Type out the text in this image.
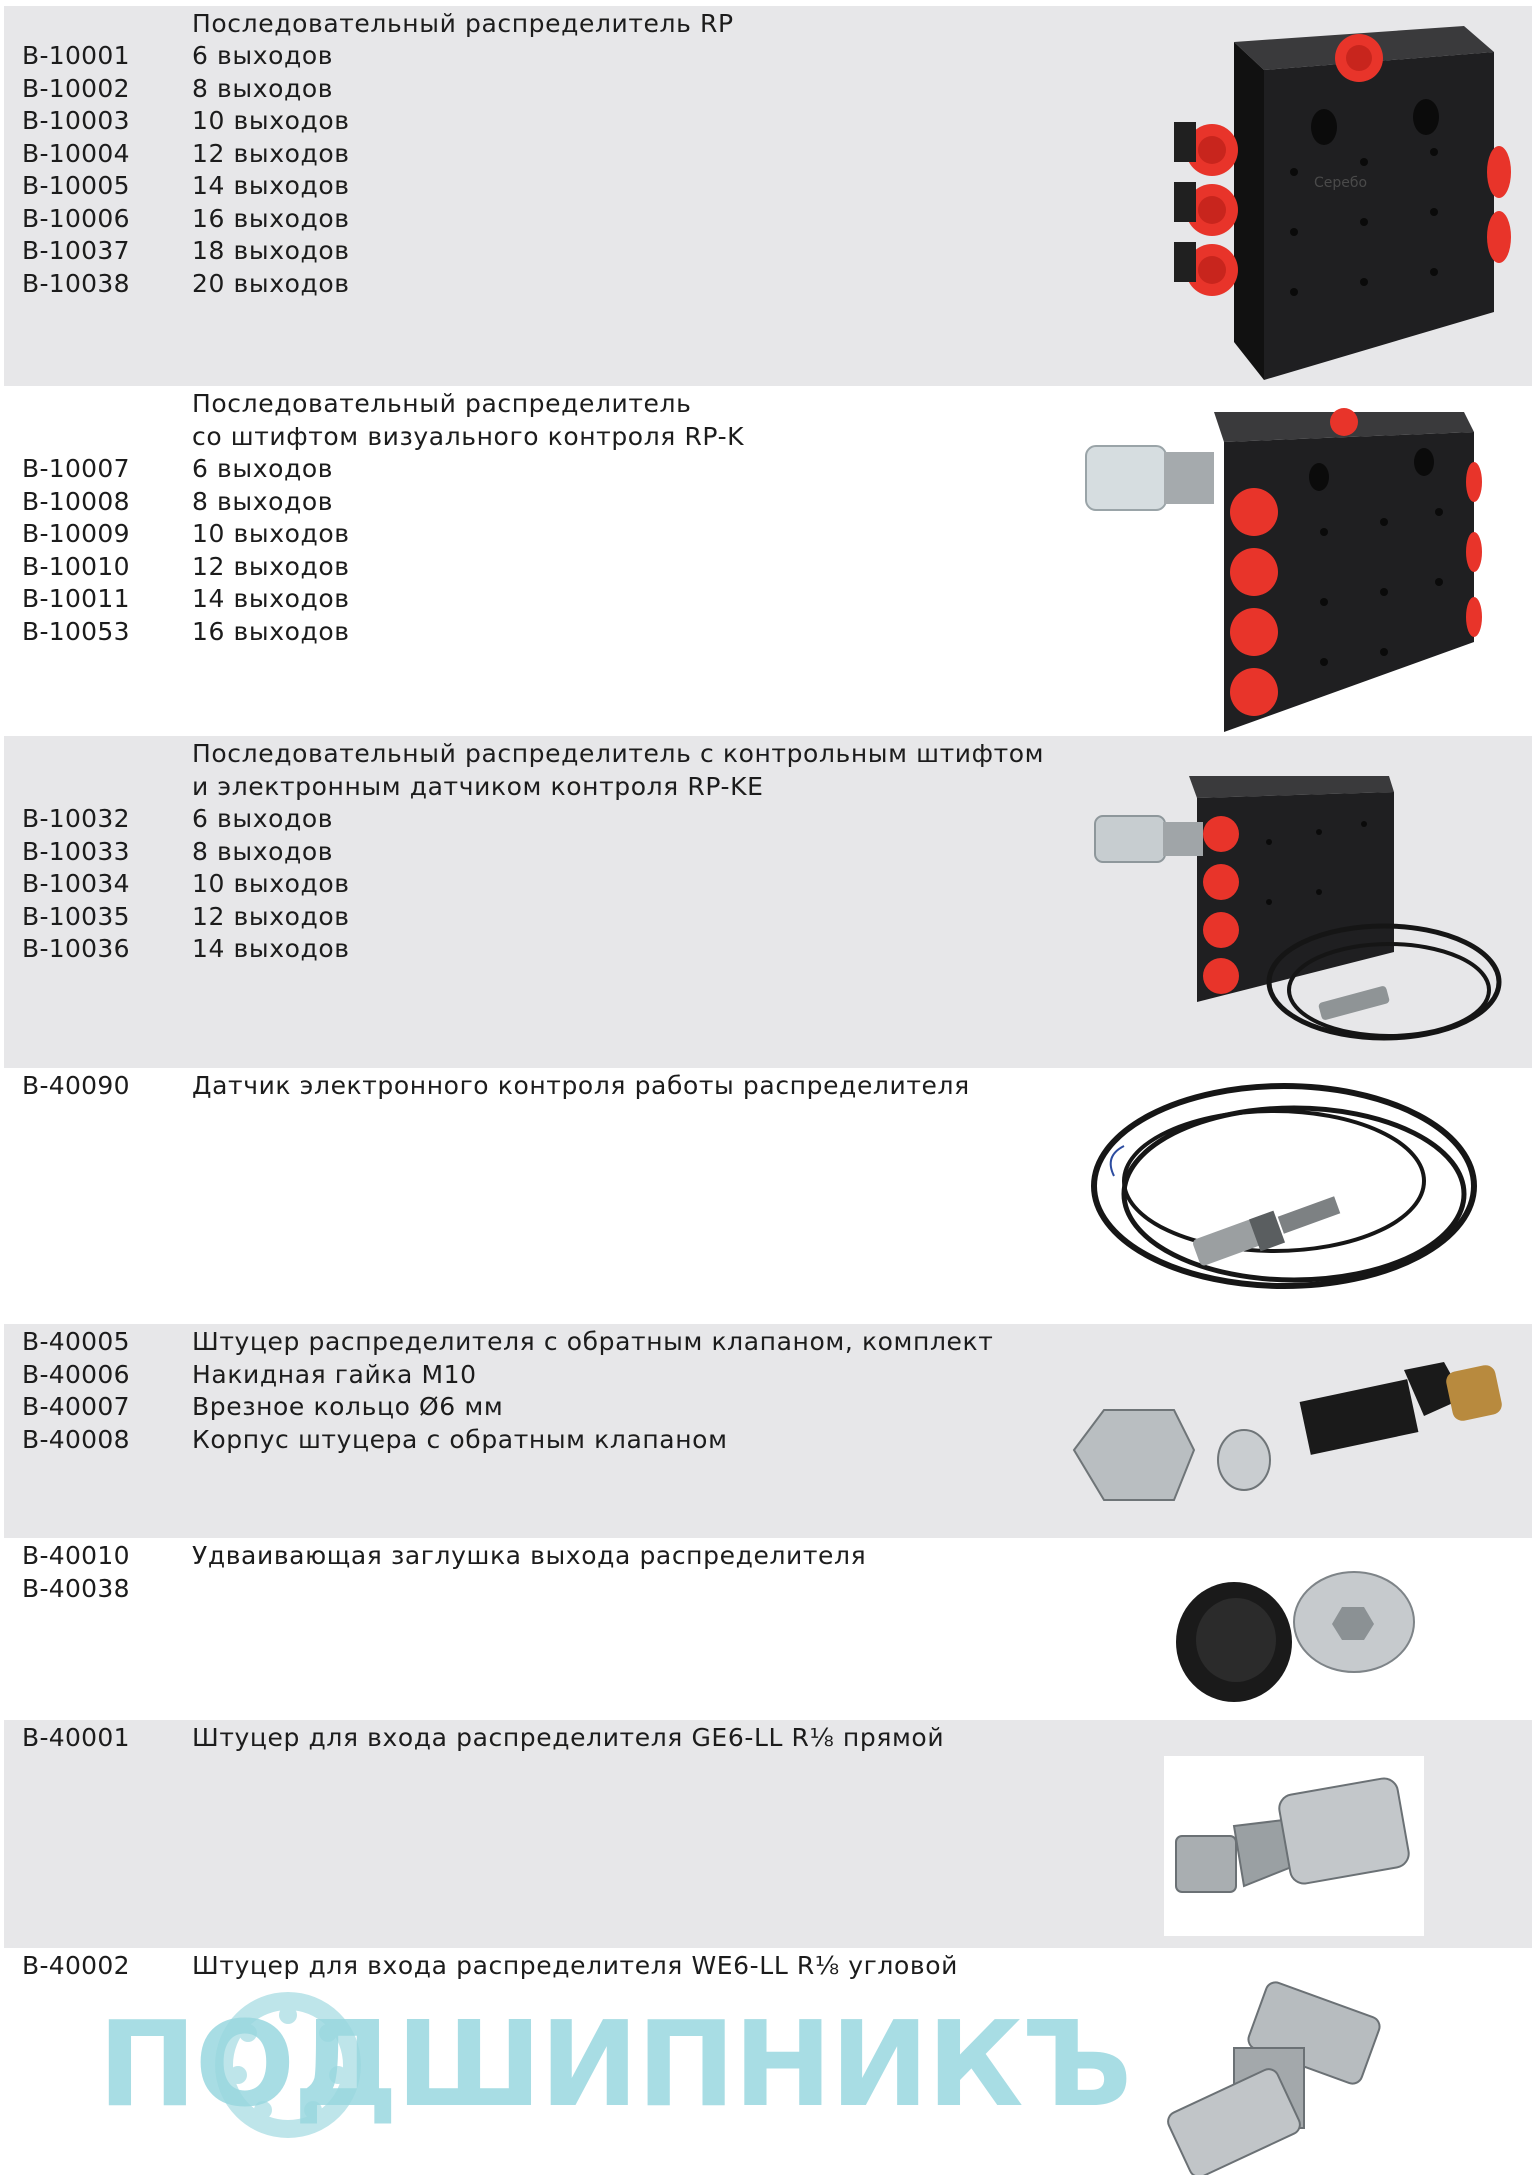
Последовательный распределитель RP
B-10001
B-10002
B-10003
B-10004
B-10005
B-10006
B-10037
B-10038
6 выходов
8 выходов
10 выходов
12 выходов
14 выходов
16 выходов
18 выходов
20 выходов
Серебо
Последовательный распределитель
со штифтом визуального контроля RP-K
B-10007
B-10008
B-10009
B-10010
B-10011
B-10053
6 выходов
8 выходов
10 выходов
12 выходов
14 выходов
16 выходов
Последовательный распределитель с контрольным штифтом
и электронным датчиком контроля RP-KE
B-10032
B-10033
B-10034
B-10035
B-10036
6 выходов
8 выходов
10 выходов
12 выходов
14 выходов
B-40090 Датчик электронного контроля работы распределителя
B-40005
B-40006
B-40007
B-40008
Штуцер распределителя с обратным клапаном, комплект
Накидная гайка M10
Врезное кольцо Ø6 мм
Корпус штуцера с обратным клапаном
B-40010
B-40038
Удваивающая заглушка выхода распределителя
B-40001 Штуцер для входа распределителя GE6-LL R⅛ прямой
B-40002 Штуцер для входа распределителя WE6-LL R⅛ угловой
ПОДШИПНИКЪ
